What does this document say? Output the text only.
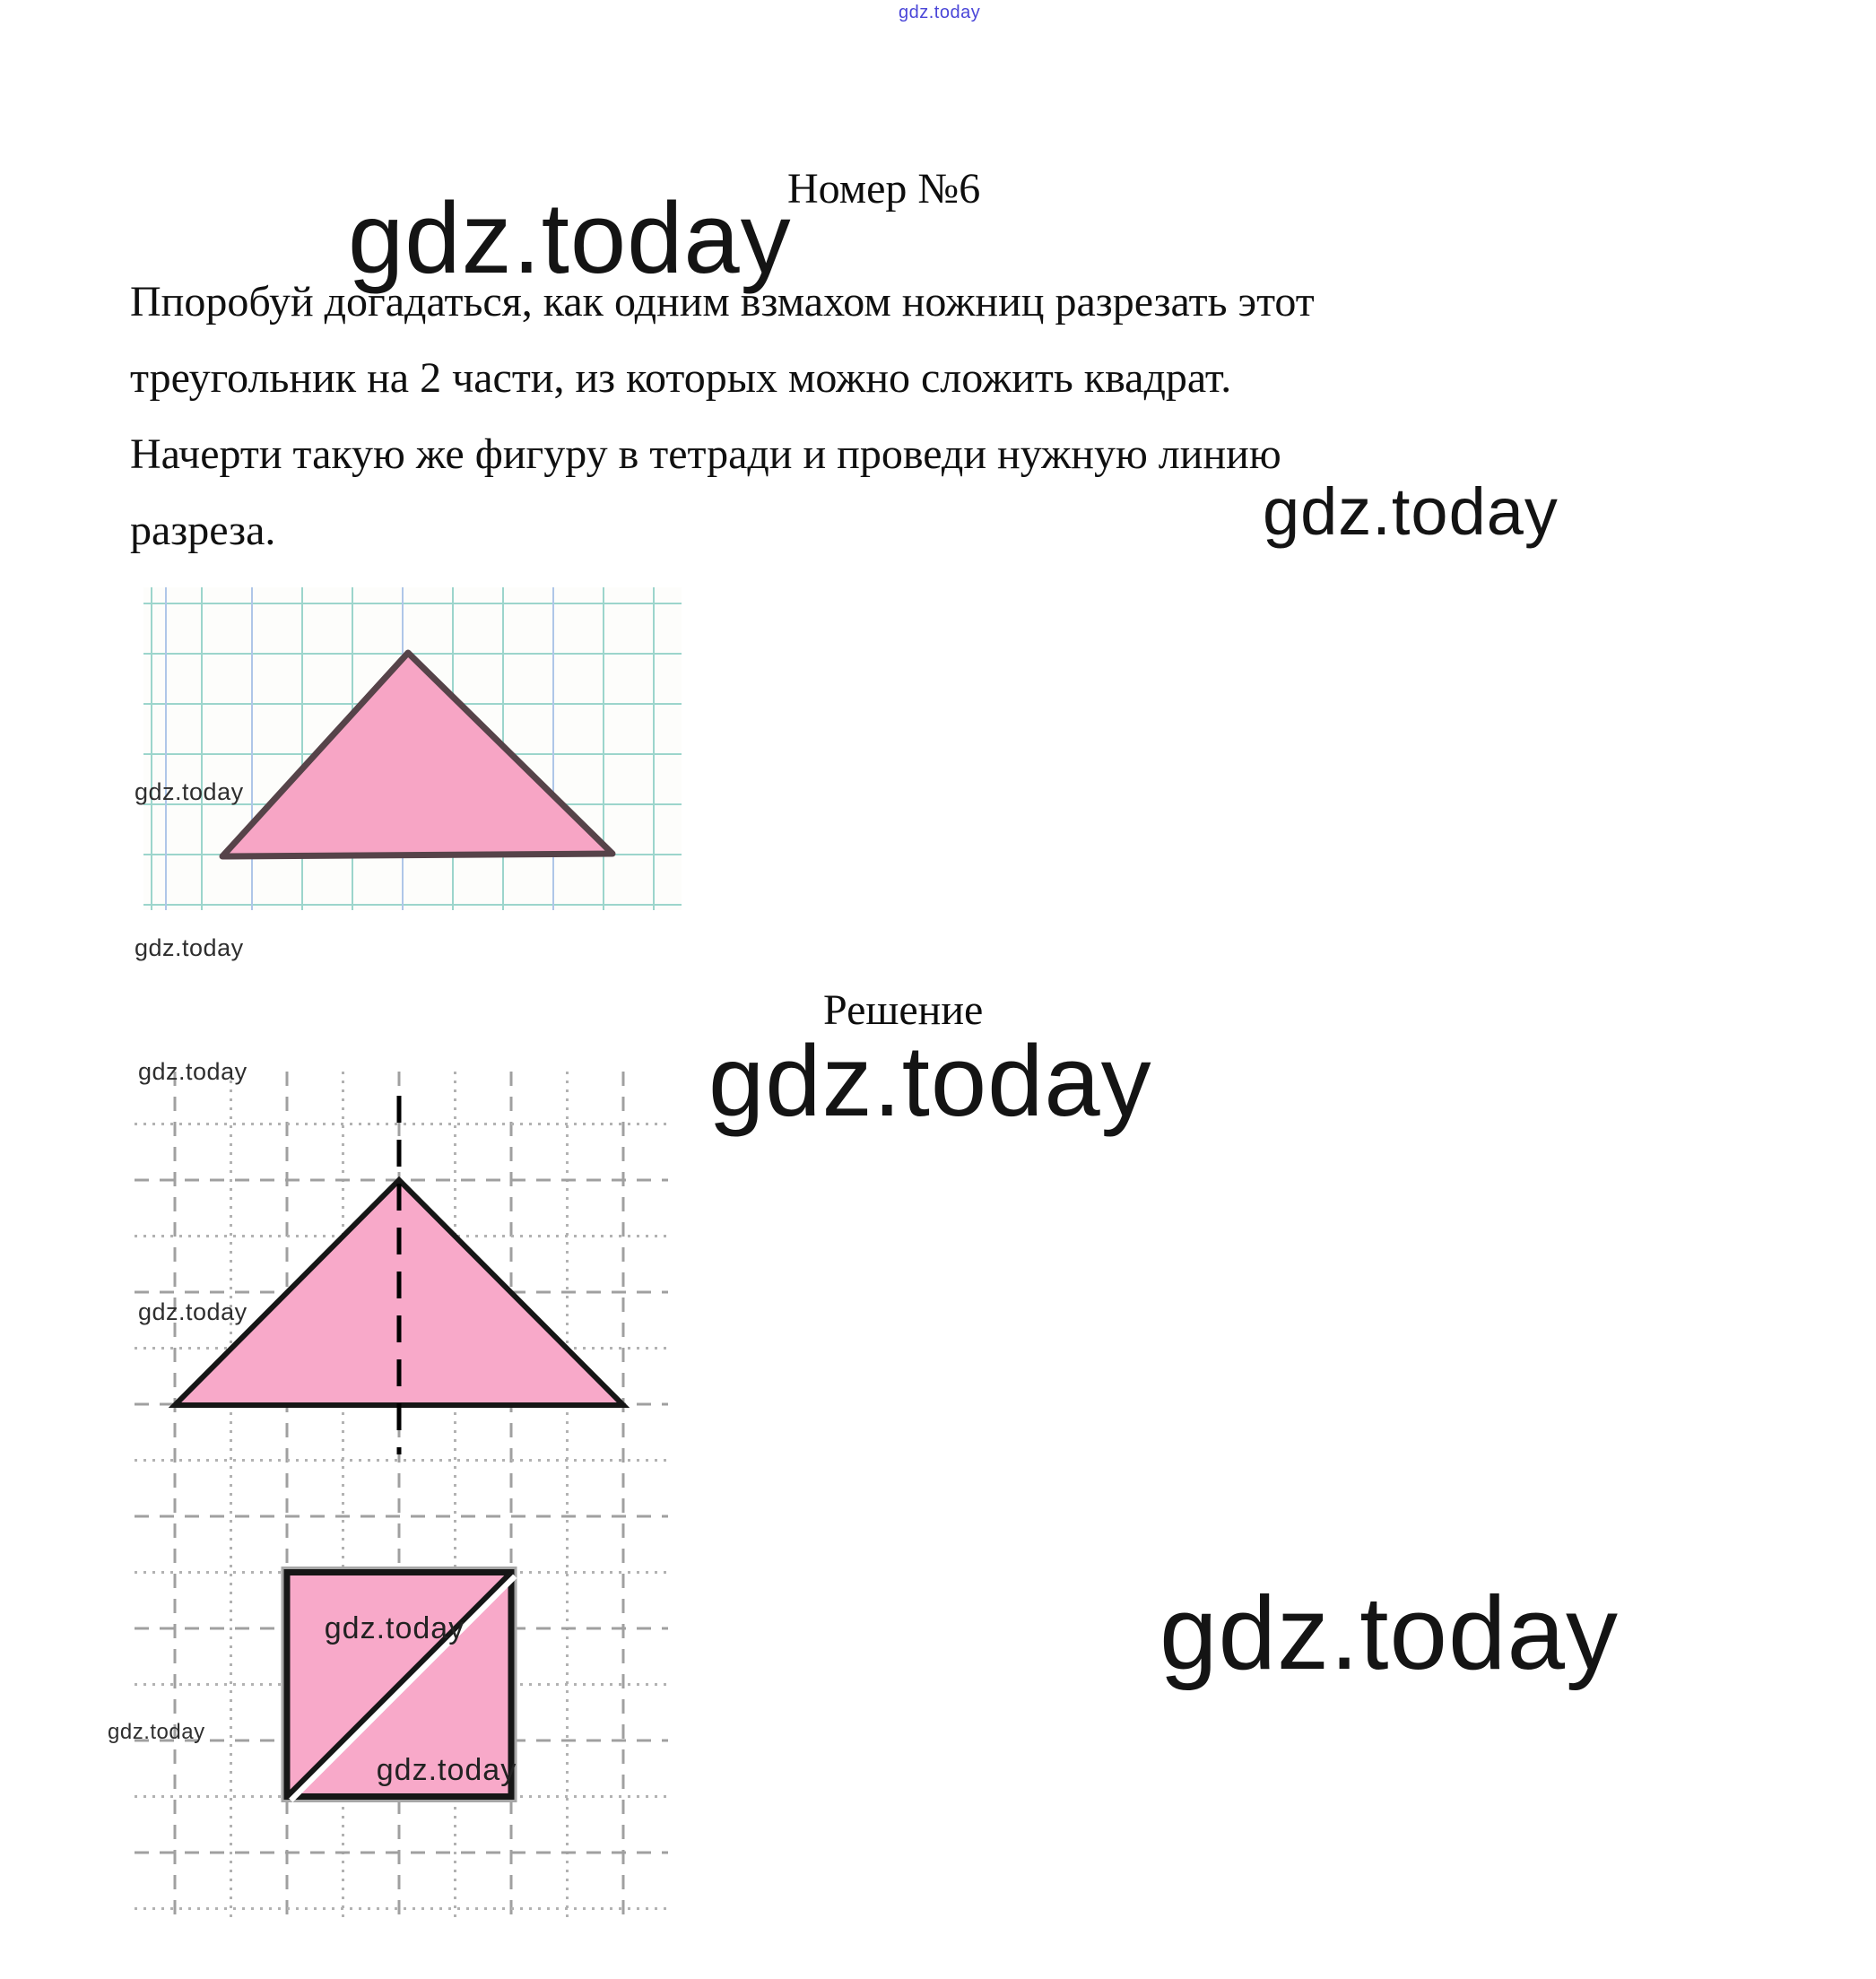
gdz.today
Номер №6
gdz.today
Ппоробуй догадаться, как одним взмахом ножниц разрезать этот
треугольник на 2 части, из которых можно сложить квадрат.
Начерти такую же фигуру в тетради и проведи нужную линию
разреза.	gdz.today
gdz.today
gdz.today
Решение
gdz.today
gdz.today
gdz.today
gdz.today
gdz.today
gdz.today
gdz.today
